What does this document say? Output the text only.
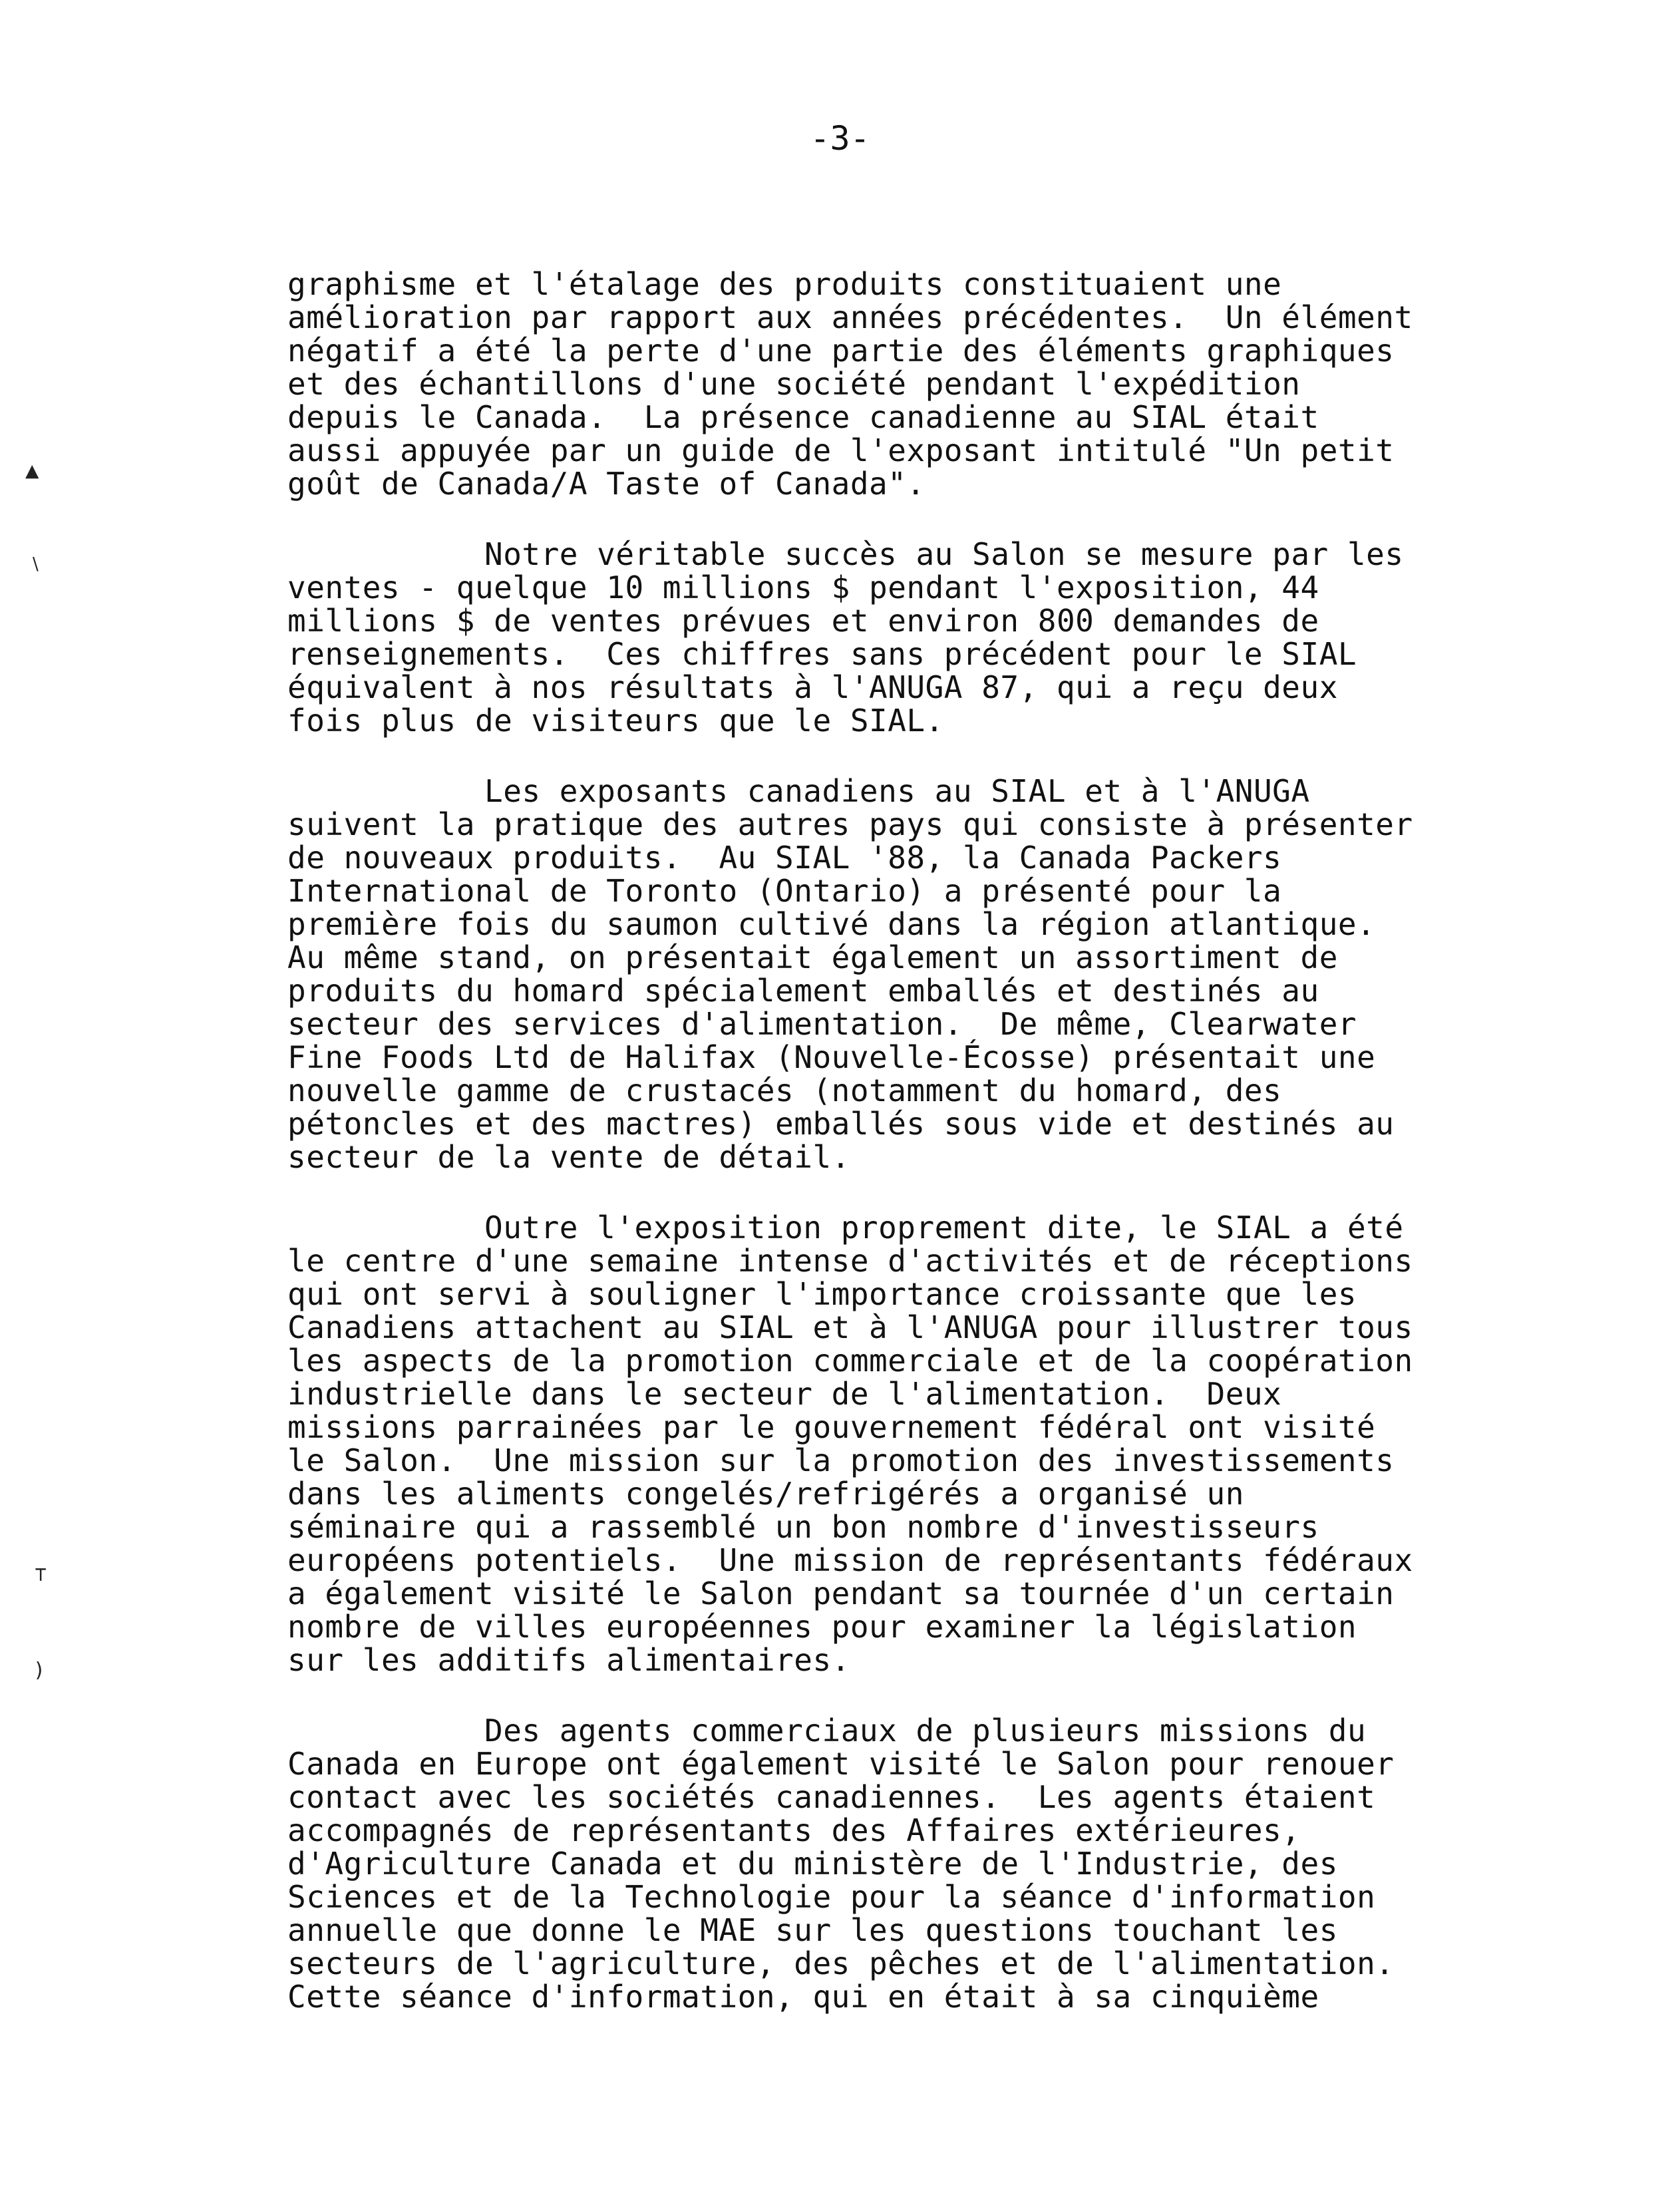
-3-
▲
∖
⊤
)
graphisme et l'étalage des produits constituaient une
amélioration par rapport aux années précédentes.  Un élément
négatif a été la perte d'une partie des éléments graphiques
et des échantillons d'une société pendant l'expédition
depuis le Canada.  La présence canadienne au SIAL était
aussi appuyée par un guide de l'exposant intitulé "Un petit
goût de Canada/A Taste of Canada".
Notre véritable succès au Salon se mesure par les
ventes - quelque 10 millions $ pendant l'exposition, 44
millions $ de ventes prévues et environ 800 demandes de
renseignements.  Ces chiffres sans précédent pour le SIAL
équivalent à nos résultats à l'ANUGA 87, qui a reçu deux
fois plus de visiteurs que le SIAL.
Les exposants canadiens au SIAL et à l'ANUGA
suivent la pratique des autres pays qui consiste à présenter
de nouveaux produits.  Au SIAL '88, la Canada Packers
International de Toronto (Ontario) a présenté pour la
première fois du saumon cultivé dans la région atlantique.
Au même stand, on présentait également un assortiment de
produits du homard spécialement emballés et destinés au
secteur des services d'alimentation.  De même, Clearwater
Fine Foods Ltd de Halifax (Nouvelle-Écosse) présentait une
nouvelle gamme de crustacés (notamment du homard, des
pétoncles et des mactres) emballés sous vide et destinés au
secteur de la vente de détail.
Outre l'exposition proprement dite, le SIAL a été
le centre d'une semaine intense d'activités et de réceptions
qui ont servi à souligner l'importance croissante que les
Canadiens attachent au SIAL et à l'ANUGA pour illustrer tous
les aspects de la promotion commerciale et de la coopération
industrielle dans le secteur de l'alimentation.  Deux
missions parrainées par le gouvernement fédéral ont visité
le Salon.  Une mission sur la promotion des investissements
dans les aliments congelés/refrigérés a organisé un
séminaire qui a rassemblé un bon nombre d'investisseurs
européens potentiels.  Une mission de représentants fédéraux
a également visité le Salon pendant sa tournée d'un certain
nombre de villes européennes pour examiner la législation
sur les additifs alimentaires.
Des agents commerciaux de plusieurs missions du
Canada en Europe ont également visité le Salon pour renouer
contact avec les sociétés canadiennes.  Les agents étaient
accompagnés de représentants des Affaires extérieures,
d'Agriculture Canada et du ministère de l'Industrie, des
Sciences et de la Technologie pour la séance d'information
annuelle que donne le MAE sur les questions touchant les
secteurs de l'agriculture, des pêches et de l'alimentation.
Cette séance d'information, qui en était à sa cinquième
